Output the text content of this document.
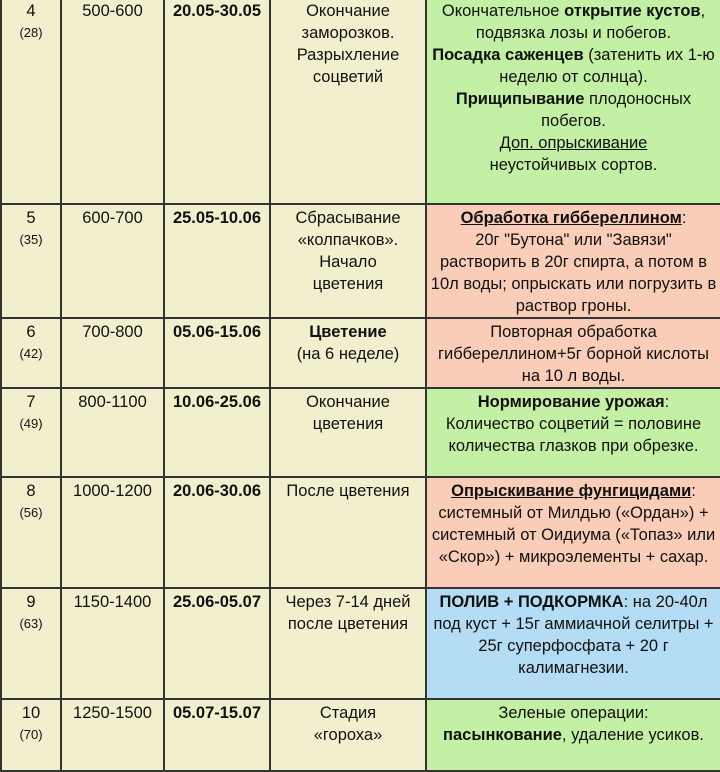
4
(28)	500-600	20.05-30.05	Окончание
заморозков.
Разрыхление
соцветий	Окончательное открытие кустов, подвязка лозы и побегов.
Посадка саженцев (затенить их 1-ю неделю от солнца).
Прищипывание плодоносных побегов.
Доп. опрыскивание
неустойчивых сортов.
5
(35)	600-700	25.05-10.06	Сбрасывание
«колпачков».
Начало
цветения	Обработка гиббереллином:
20г "Бутона" или "Завязи" растворить в 20г спирта, а потом в 10л воды; опрыскать или погрузить в раствор гроны.
6
(42)	700-800	05.06-15.06	Цветение
(на 6 неделе)	Повторная обработка гиббереллином+5г борной кислоты на 10 л воды.
7
(49)	800-1100	10.06-25.06	Окончание
цветения	Нормирование урожая:
Количество соцветий = половине количества глазков при обрезке.
8
(56)	1000-1200	20.06-30.06	После цветения	Опрыскивание фунгицидами:
системный от Милдью («Ордан») + системный от Оидиума («Топаз» или «Скор») + микроэлементы + сахар.
9
(63)	1150-1400	25.06-05.07	Через 7-14 дней
после цветения	ПОЛИВ + ПОДКОРМКА: на 20-40л под куст + 15г аммиачной селитры + 25г суперфосфата + 20 г калимагнезии.
10
(70)	1250-1500	05.07-15.07	Стадия
«гороха»	Зеленые операции:
пасынкование, удаление усиков.
